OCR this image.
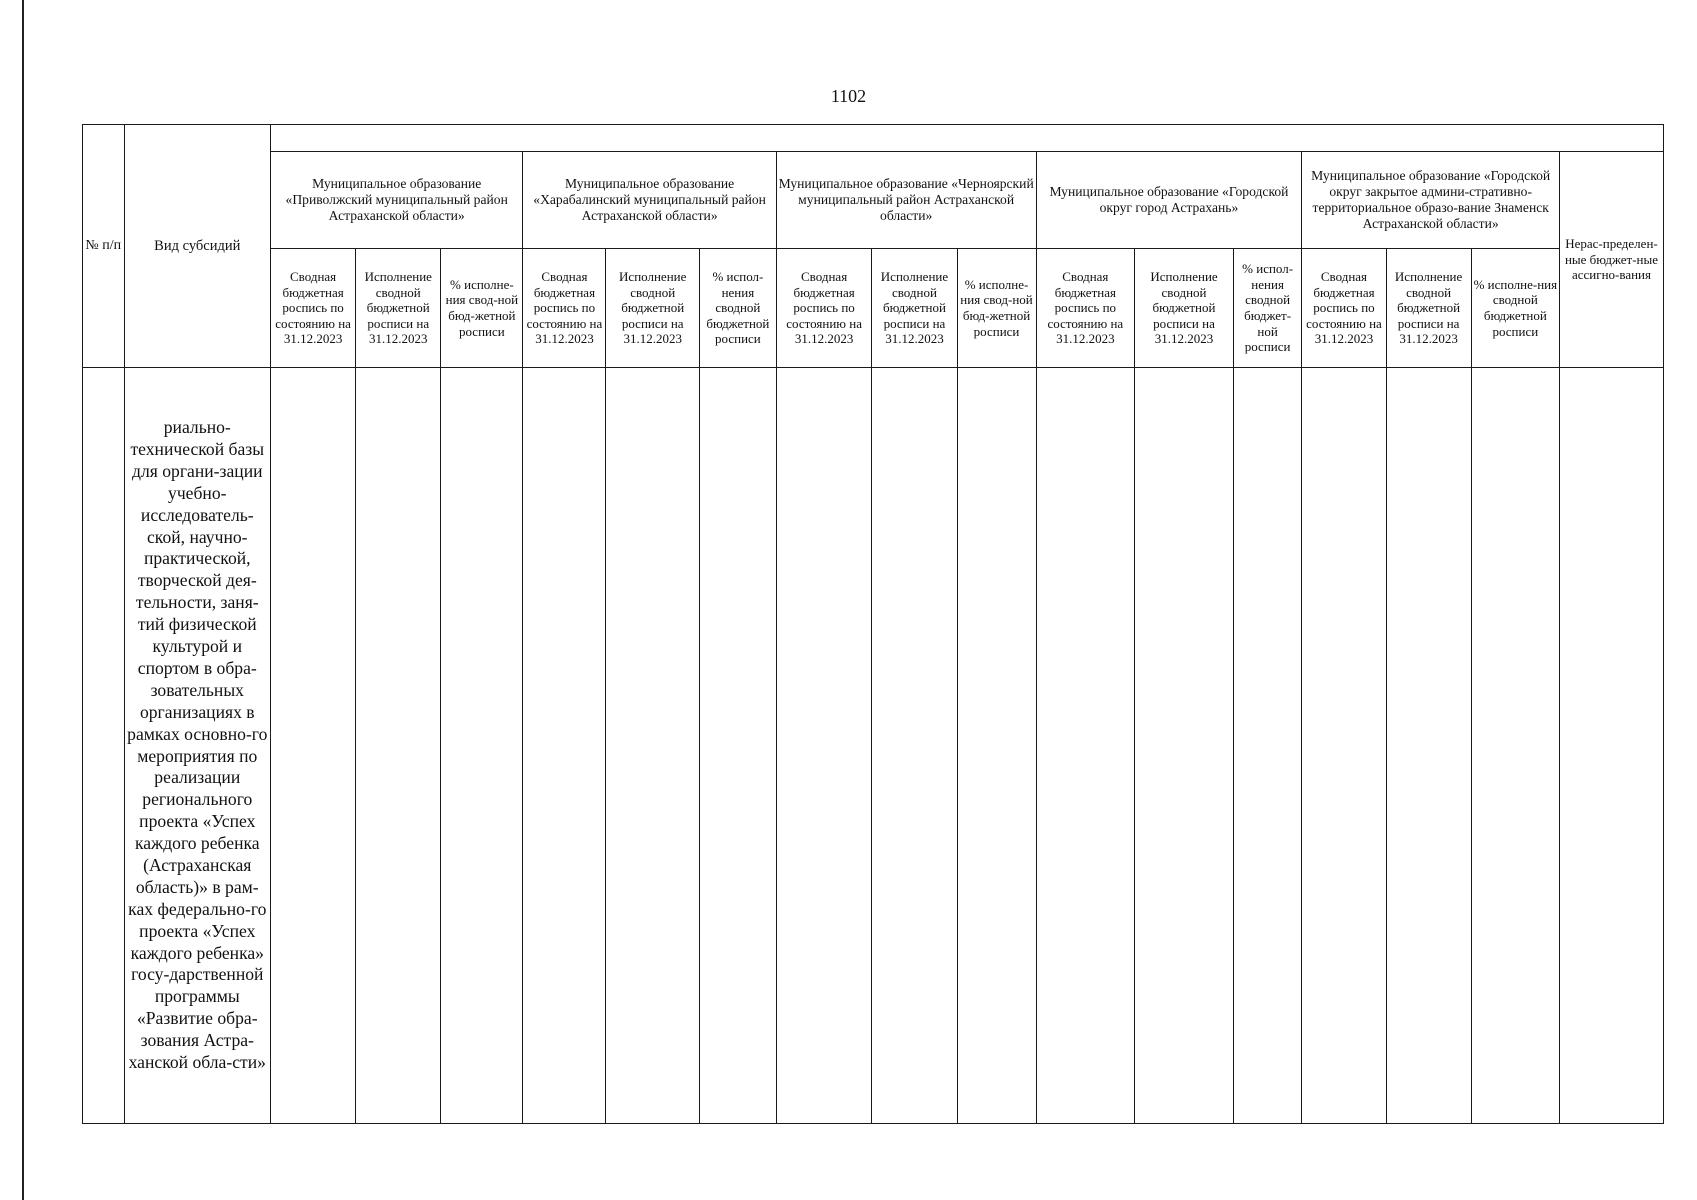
1102
№ п/п	Вид субсидий																
		Муниципальное образование «Приволжский муниципальный район Астраханской области»			Муниципальное образование «Харабалинский муниципальный район Астраханской области»			Муниципальное образование «Черноярский муниципальный район Астраханской области»			Муниципальное образование «Городской округ город Астрахань»			Муниципальное образование «Городской округ закрытое админи-стративно-территориальное образо-вание Знаменск Астраханской области»			Нерас-пределен-ные бюджет-ные ассигно-вания
		Сводная бюджетная роспись по состоянию на 31.12.2023	Исполнение сводной бюджетной росписи на 31.12.2023	% исполне-ния свод-ной бюд-жетной росписи	Сводная бюджетная роспись по состоянию на 31.12.2023	Исполнение сводной бюджетной росписи на 31.12.2023	% испол-нения сводной бюджетной росписи	Сводная бюджетная роспись по состоянию на 31.12.2023	Исполнение сводной бюджетной росписи на 31.12.2023	% исполне-ния свод-ной бюд-жетной росписи	Сводная бюджетная роспись по состоянию на 31.12.2023	Исполнение сводной бюджетной росписи на 31.12.2023	% испол-нения сводной бюджет-ной росписи	Сводная бюджетная роспись по состоянию на 31.12.2023	Исполнение сводной бюджетной росписи на 31.12.2023	% исполне-ния сводной бюджетной росписи	
	риально-технической базы для органи-зации учебно-исследователь-ской, научно-практической, творческой дея-тельности, заня-тий физической культурой и спортом в обра-зовательных организациях в рамках основно-го мероприятия по реализации регионального проекта «Успех каждого ребенка (Астраханская область)» в рам-ках федерально-го проекта «Успех каждого ребенка» госу-дарственной программы «Развитие обра-зования Астра-ханской обла-сти»																
